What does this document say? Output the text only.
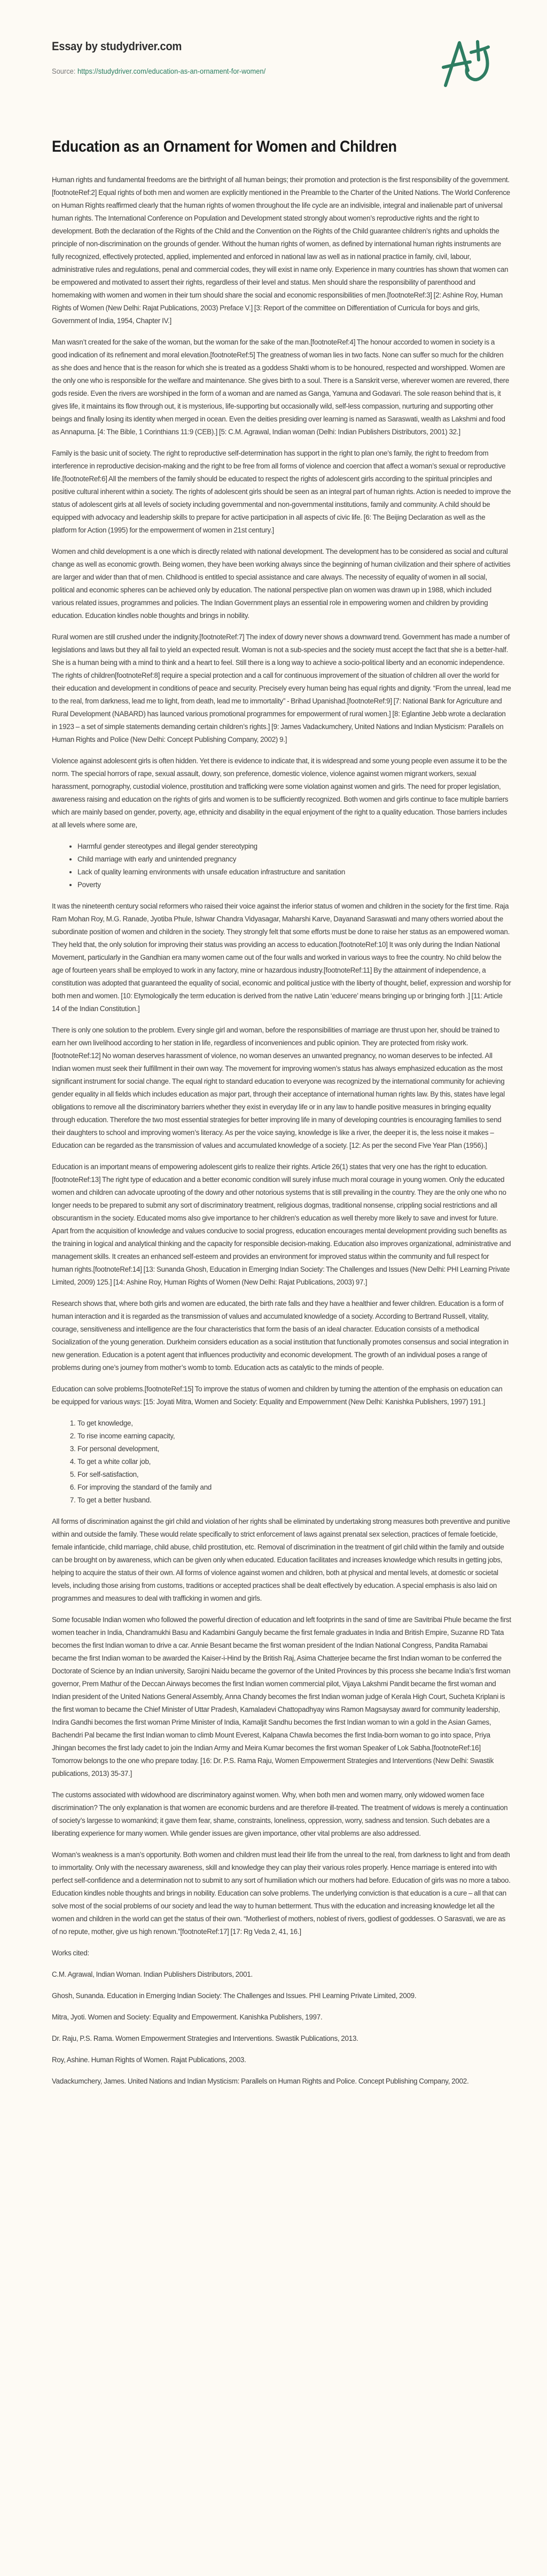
Essay by studydriver.com
Source: https://studydriver.com/education-as-an-ornament-for-women/
Education as an Ornament for Women and Children

Human rights and fundamental freedoms are the birthright of all human beings; their promotion and protection is the first responsibility of the government.[footnoteRef:2] Equal rights of both men and women are explicitly mentioned in the Preamble to the Charter of the United Nations. The World Conference on Human Rights reaffirmed clearly that the human rights of women throughout the life cycle are an indivisible, integral and inalienable part of universal human rights. The International Conference on Population and Development stated strongly about women’s reproductive rights and the right to development. Both the declaration of the Rights of the Child and the Convention on the Rights of the Child guarantee children’s rights and upholds the principle of non-discrimination on the grounds of gender. Without the human rights of women, as defined by international human rights instruments are fully recognized, effectively protected, applied, implemented and enforced in national law as well as in national practice in family, civil, labour, administrative rules and regulations, penal and commercial codes, they will exist in name only. Experience in many countries has shown that women can be empowered and motivated to assert their rights, regardless of their level and status. Men should share the responsibility of parenthood and homemaking with women and women in their turn should share the social and economic responsibilities of men.[footnoteRef:3] [2: Ashine Roy, Human Rights of Women (New Delhi: Rajat Publications, 2003) Preface V.] [3: Report of the committee on Differentiation of Curricula for boys and girls, Government of India, 1954, Chapter IV.]

Man wasn’t created for the sake of the woman, but the woman for the sake of the man.[footnoteRef:4] The honour accorded to women in society is a good indication of its refinement and moral elevation.[footnoteRef:5] The greatness of woman lies in two facts. None can suffer so much for the children as she does and hence that is the reason for which she is treated as a goddess Shakti whom is to be honoured, respected and worshipped. Women are the only one who is responsible for the welfare and maintenance. She gives birth to a soul. There is a Sanskrit verse, wherever women are revered, there gods reside. Even the rivers are worshiped in the form of a woman and are named as Ganga, Yamuna and Godavari. The sole reason behind that is, it gives life, it maintains its flow through out, it is mysterious, life-supporting but occasionally wild, self-less compassion, nurturing and supporting other beings and finally losing its identity when merged in ocean. Even the deities presiding over learning is named as Saraswati, wealth as Lakshmi and food as Annapurna. [4: The Bible, 1 Corinthians 11:9 (CEB).] [5: C.M. Agrawal, Indian woman (Delhi: Indian Publishers Distributors, 2001) 32.]

Family is the basic unit of society. The right to reproductive self-determination has support in the right to plan one’s family, the right to freedom from interference in reproductive decision-making and the right to be free from all forms of violence and coercion that affect a woman’s sexual or reproductive life.[footnoteRef:6] All the members of the family should be educated to respect the rights of adolescent girls according to the spiritual principles and positive cultural inherent within a society. The rights of adolescent girls should be seen as an integral part of human rights. Action is needed to improve the status of adolescent girls at all levels of society including governmental and non-governmental institutions, family and community. A child should be equipped with advocacy and leadership skills to prepare for active participation in all aspects of civic life. [6: The Beijing Declaration as well as the platform for Action (1995) for the empowerment of women in 21st century.]

Women and child development is a one which is directly related with national development. The development has to be considered as social and cultural change as well as economic growth. Being women, they have been working always since the beginning of human civilization and their sphere of activities are larger and wider than that of men. Childhood is entitled to special assistance and care always. The necessity of equality of women in all social, political and economic spheres can be achieved only by education. The national perspective plan on women was drawn up in 1988, which included various related issues, programmes and policies. The Indian Government plays an essential role in empowering women and children by providing education. Education kindles noble thoughts and brings in nobility.

Rural women are still crushed under the indignity.[footnoteRef:7] The index of dowry never shows a downward trend. Government has made a number of legislations and laws but they all fail to yield an expected result. Woman is not a sub-species and the society must accept the fact that she is a better-half. She is a human being with a mind to think and a heart to feel. Still there is a long way to achieve a socio-political liberty and an economic independence. The rights of children[footnoteRef:8] require a special protection and a call for continuous improvement of the situation of children all over the world for their education and development in conditions of peace and security. Precisely every human being has equal rights and dignity. “From the unreal, lead me to the real, from darkness, lead me to light, from death, lead me to immortality” - Brihad Upanishad.[footnoteRef:9] [7: National Bank for Agriculture and Rural Development (NABARD) has launced various promotional programmes for empowerment of rural women.] [8: Eglantine Jebb wrote a declaration in 1923 – a set of simple statements demanding certain children’s rights.] [9: James Vadackumchery, United Nations and Indian Mysticism: Parallels on Human Rights and Police (New Delhi: Concept Publishing Company, 2002) 9.]

Violence against adolescent girls is often hidden. Yet there is evidence to indicate that, it is widespread and some young people even assume it to be the norm. The special horrors of rape, sexual assault, dowry, son preference, domestic violence, violence against women migrant workers, sexual harassment, pornography, custodial violence, prostitution and trafficking were some violation against women and girls. The need for proper legislation, awareness raising and education on the rights of girls and women is to be sufficiently recognized. Both women and girls continue to face multiple barriers which are mainly based on gender, poverty, age, ethnicity and disability in the equal enjoyment of the right to a quality education. Those barriers includes at all levels where some are,

• Harmful gender stereotypes and illegal gender stereotyping
• Child marriage with early and unintended pregnancy
• Lack of quality learning environments with unsafe education infrastructure and sanitation
• Poverty

It was the nineteenth century social reformers who raised their voice against the inferior status of women and children in the society for the first time. Raja Ram Mohan Roy, M.G. Ranade, Jyotiba Phule, Ishwar Chandra Vidyasagar, Maharshi Karve, Dayanand Saraswati and many others worried about the subordinate position of women and children in the society. They strongly felt that some efforts must be done to raise her status as an empowered woman. They held that, the only solution for improving their status was providing an access to education.[footnoteRef:10] It was only during the Indian National Movement, particularly in the Gandhian era many women came out of the four walls and worked in various ways to free the country. No child below the age of fourteen years shall be employed to work in any factory, mine or hazardous industry.[footnoteRef:11] By the attainment of independence, a constitution was adopted that guaranteed the equality of social, economic and political justice with the liberty of thought, belief, expression and worship for both men and women. [10: Etymologically the term education is derived from the native Latin ‘educere’ means bringing up or bringing forth .] [11: Article 14 of the Indian Constitution.]

There is only one solution to the problem. Every single girl and woman, before the responsibilities of marriage are thrust upon her, should be trained to earn her own livelihood according to her station in life, regardless of inconveniences and public opinion. They are protected from risky work.[footnoteRef:12] No woman deserves harassment of violence, no woman deserves an unwanted pregnancy, no woman deserves to be infected. All Indian women must seek their fulfillment in their own way. The movement for improving women’s status has always emphasized education as the most significant instrument for social change. The equal right to standard education to everyone was recognized by the international community for achieving gender equality in all fields which includes education as major part, through their acceptance of international human rights law. By this, states have legal obligations to remove all the discriminatory barriers whether they exist in everyday life or in any law to handle positive measures in bringing equality through education. Therefore the two most essential strategies for better improving life in many of developing countries is encouraging families to send their daughters to school and improving women’s literacy. As per the voice saying, knowledge is like a river, the deeper it is, the less noise it makes – Education can be regarded as the transmission of values and accumulated knowledge of a society. [12: As per the second Five Year Plan (1956).]

Education is an important means of empowering adolescent girls to realize their rights. Article 26(1) states that very one has the right to education.[footnoteRef:13] The right type of education and a better economic condition will surely infuse much moral courage in young women. Only the educated women and children can advocate uprooting of the dowry and other notorious systems that is still prevailing in the country. They are the only one who no longer needs to be prepared to submit any sort of discriminatory treatment, religious dogmas, traditional nonsense, crippling social restrictions and all obscurantism in the society. Educated moms also give importance to her children's education as well thereby more likely to save and invest for future. Apart from the acquisition of knowledge and values conducive to social progress, education encourages mental development providing such benefits as the training in logical and analytical thinking and the capacity for responsible decision-making. Education also improves organizational, administrative and management skills. It creates an enhanced self-esteem and provides an environment for improved status within the community and full respect for human rights.[footnoteRef:14] [13: Sunanda Ghosh, Education in Emerging Indian Society: The Challenges and Issues (New Delhi: PHI Learning Private Limited, 2009) 125.] [14: Ashine Roy, Human Rights of Women (New Delhi: Rajat Publications, 2003) 97.]

Research shows that, where both girls and women are educated, the birth rate falls and they have a healthier and fewer children. Education is a form of human interaction and it is regarded as the transmission of values and accumulated knowledge of a society. According to Bertrand Russell, vitality, courage, sensitiveness and intelligence are the four characteristics that form the basis of an ideal character. Education consists of a methodical Socialization of the young generation. Durkheim considers education as a social institution that functionally promotes consensus and social integration in new generation. Education is a potent agent that influences productivity and economic development. The growth of an individual poses a range of problems during one’s journey from mother’s womb to tomb. Education acts as catalytic to the minds of people.

Education can solve problems.[footnoteRef:15] To improve the status of women and children by turning the attention of the emphasis on education can be equipped for various ways: [15: Joyati Mitra, Women and Society: Equality and Empowernment (New Delhi: Kanishka Publishers, 1997) 191.]

1. To get knowledge,
2. To rise income earning capacity,
3. For personal development,
4. To get a white collar job,
5. For self-satisfaction,
6. For improving the standard of the family and
7. To get a better husband.

All forms of discrimination against the girl child and violation of her rights shall be eliminated by undertaking strong measures both preventive and punitive within and outside the family. These would relate specifically to strict enforcement of laws against prenatal sex selection, practices of female foeticide, female infanticide, child marriage, child abuse, child prostitution, etc. Removal of discrimination in the treatment of girl child within the family and outside can be brought on by awareness, which can be given only when educated. Education facilitates and increases knowledge which results in getting jobs, helping to acquire the status of their own. All forms of violence against women and children, both at physical and mental levels, at domestic or societal levels, including those arising from customs, traditions or accepted practices shall be dealt effectively by education. A special emphasis is also laid on programmes and measures to deal with trafficking in women and girls.

Some focusable Indian women who followed the powerful direction of education and left footprints in the sand of time are Savitribai Phule became the first women teacher in India, Chandramukhi Basu and Kadambini Ganguly became the first female graduates in India and British Empire, Suzanne RD Tata becomes the first Indian woman to drive a car. Annie Besant became the first woman president of the Indian National Congress, Pandita Ramabai became the first Indian woman to be awarded the Kaiser-i-Hind by the British Raj, Asima Chatterjee became the first Indian woman to be conferred the Doctorate of Science by an Indian university, Sarojini Naidu became the governor of the United Provinces by this process she became India’s first woman governor, Prem Mathur of the Deccan Airways becomes the first Indian women commercial pilot, Vijaya Lakshmi Pandit became the first woman and Indian president of the United Nations General Assembly, Anna Chandy becomes the first Indian woman judge of Kerala High Court, Sucheta Kriplani is the first woman to became the Chief Minister of Uttar Pradesh, Kamaladevi Chattopadhyay wins Ramon Magsaysay award for community leadership, Indira Gandhi becomes the first woman Prime Minister of India, Kamaljit Sandhu becomes the first Indian woman to win a gold in the Asian Games, Bachendri Pal became the first Indian woman to climb Mount Everest, Kalpana Chawla becomes the first India-born woman to go into space, Priya Jhingan becomes the first lady cadet to join the Indian Army and Meira Kumar becomes the first woman Speaker of Lok Sabha.[footnoteRef:16] Tomorrow belongs to the one who prepare today. [16: Dr. P.S. Rama Raju, Women Empowerment Strategies and Interventions (New Delhi: Swastik publications, 2013) 35-37.]

The customs associated with widowhood are discriminatory against women. Why, when both men and women marry, only widowed women face discrimination? The only explanation is that women are economic burdens and are therefore ill-treated. The treatment of widows is merely a continuation of society’s largesse to womankind; it gave them fear, shame, constraints, loneliness, oppression, worry, sadness and tension. Such debates are a liberating experience for many women. While gender issues are given importance, other vital problems are also addressed.

Woman’s weakness is a man’s opportunity. Both women and children must lead their life from the unreal to the real, from darkness to light and from death to immortality. Only with the necessary awareness, skill and knowledge they can play their various roles properly. Hence marriage is entered into with perfect self-confidence and a determination not to submit to any sort of humiliation which our mothers had before. Education of girls was no more a taboo. Education kindles noble thoughts and brings in nobility. Education can solve problems. The underlying conviction is that education is a cure – all that can solve most of the social problems of our society and lead the way to human betterment. Thus with the education and increasing knowledge let all the women and children in the world can get the status of their own. “Motherliest of mothers, noblest of rivers, godliest of goddesses. O Sarasvati, we are as of no repute, mother, give us high renown.”[footnoteRef:17] [17: Rg Veda 2, 41, 16.]

Works cited:

C.M. Agrawal, Indian Woman. Indian Publishers Distributors, 2001.

Ghosh, Sunanda. Education in Emerging Indian Society: The Challenges and Issues. PHI Learning Private Limited, 2009.

Mitra, Jyoti. Women and Society: Equality and Empowerment. Kanishka Publishers, 1997.

Dr. Raju, P.S. Rama. Women Empowerment Strategies and Interventions. Swastik Publications, 2013.

Roy, Ashine. Human Rights of Women. Rajat Publications, 2003.

Vadackumchery, James. United Nations and Indian Mysticism: Parallels on Human Rights and Police. Concept Publishing Company, 2002.
